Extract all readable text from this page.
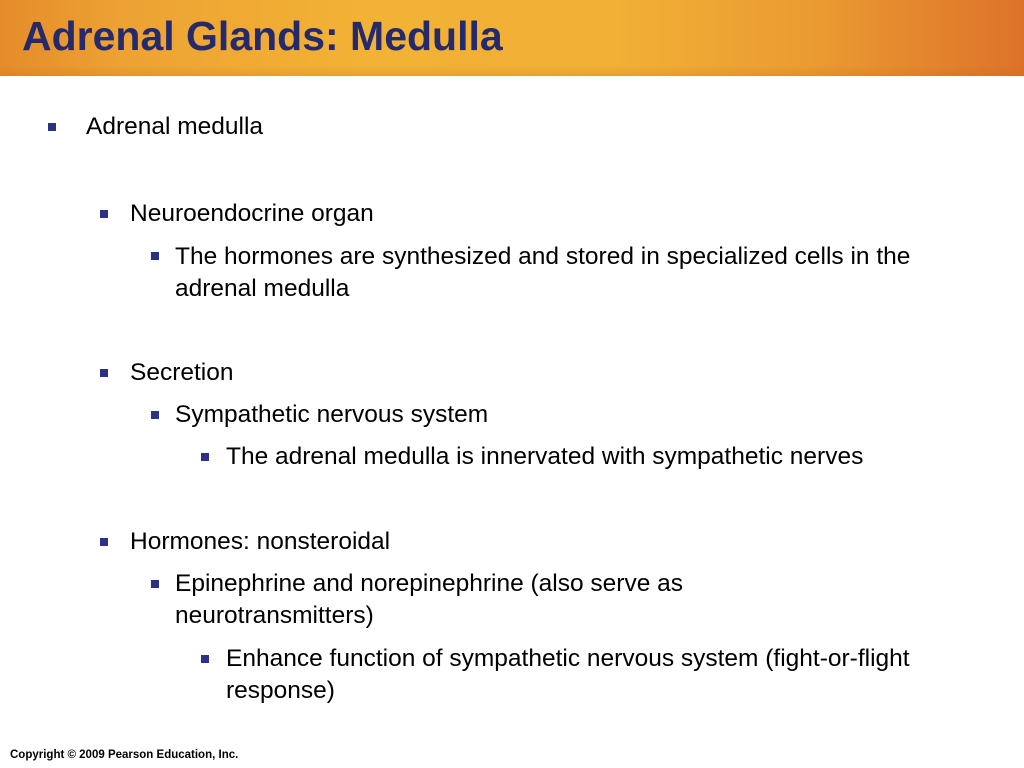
Adrenal Glands: Medulla

Adrenal medulla

Neuroendocrine organ

The hormones are synthesized and stored in specialized cells in the adrenal medulla

Secretion

Sympathetic nervous system

The adrenal medulla is innervated with sympathetic nerves

Hormones: nonsteroidal

Epinephrine and norepinephrine (also serve as neurotransmitters)

Enhance function of sympathetic nervous system (fight-or-flight response)

Copyright © 2009 Pearson Education, Inc.
